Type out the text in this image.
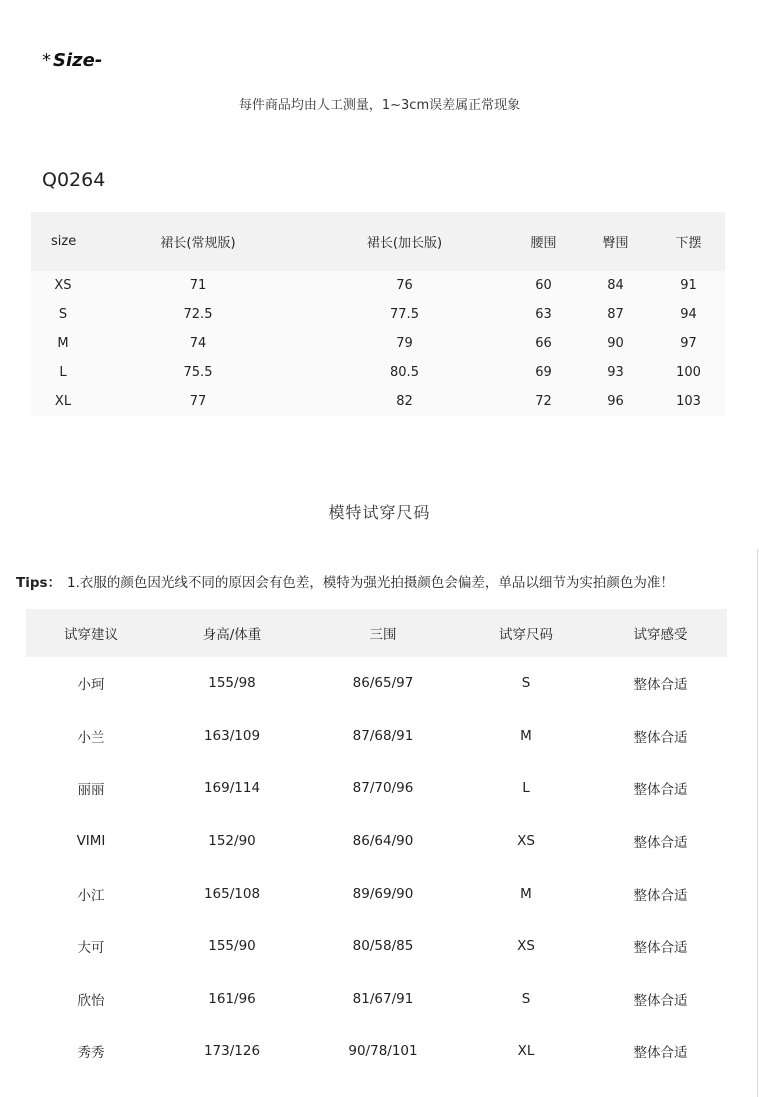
* Size-
每件商品均由人工测量，1~3cm误差属正常现象
Q0264
size	裙长(常规版)	裙长(加长版)	腰围	臀围	下摆
XS	71	76	60	84	91
S	72.5	77.5	63	87	94
M	74	79	66	90	97
L	75.5	80.5	69	93	100
XL	77	82	72	96	103
模特试穿尺码
Tips： 1.衣服的颜色因光线不同的原因会有色差，模特为强光拍摄颜色会偏差，单品以细节为实拍颜色为准！
试穿建议	身高/体重	三围	试穿尺码	试穿感受
小珂	155/98	86/65/97	S	整体合适
小兰	163/109	87/68/91	M	整体合适
丽丽	169/114	87/70/96	L	整体合适
VIMI	152/90	86/64/90	XS	整体合适
小江	165/108	89/69/90	M	整体合适
大可	155/90	80/58/85	XS	整体合适
欣怡	161/96	81/67/91	S	整体合适
秀秀	173/126	90/78/101	XL	整体合适
